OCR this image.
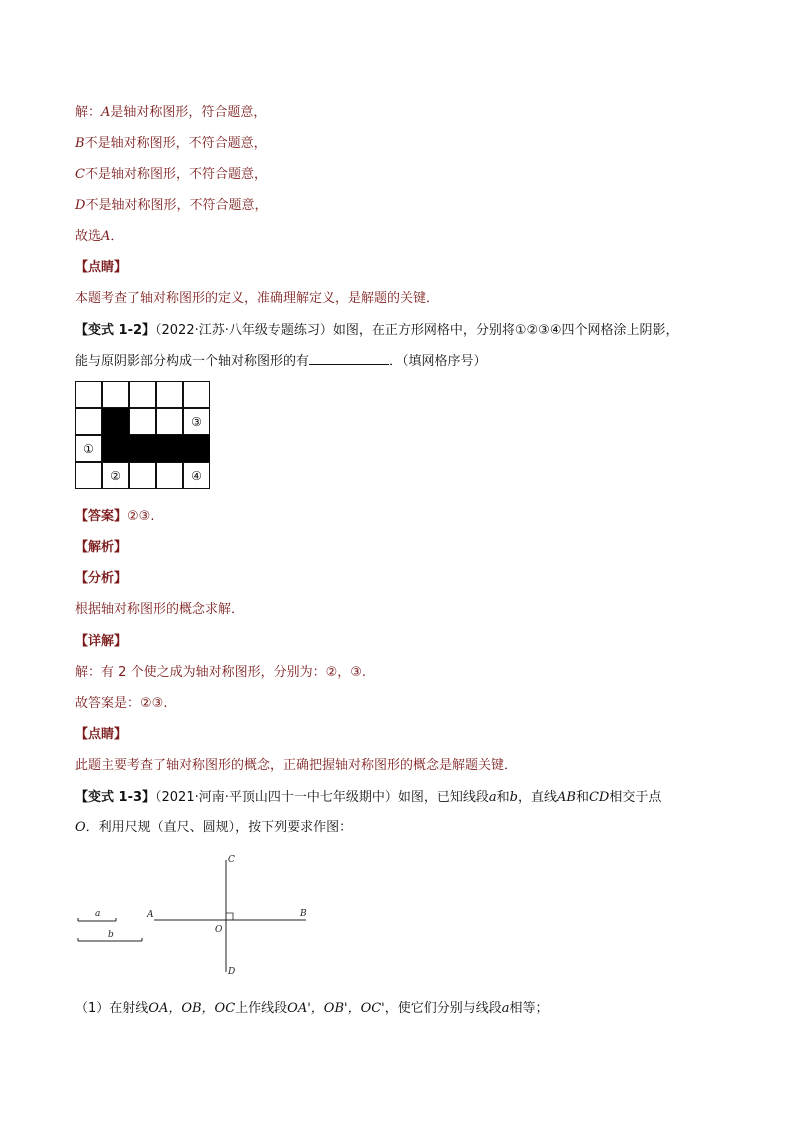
解：A是轴对称图形，符合题意，
B不是轴对称图形，不符合题意，
C不是轴对称图形，不符合题意，
D不是轴对称图形，不符合题意，
故选A．
【点睛】
本题考查了轴对称图形的定义，准确理解定义，是解题的关键．
【变式 1-2】（2022·江苏·八年级专题练习）如图，在正方形网格中，分别将①②③④四个网格涂上阴影，
能与原阴影部分构成一个轴对称图形的有	．（填网格序号）
③
①
②	④
【答案】②③.
【解析】
【分析】
根据轴对称图形的概念求解．
【详解】
解：有 2 个使之成为轴对称图形，分别为：②，③.
故答案是：②③.
【点睛】
此题主要考查了轴对称图形的概念，正确把握轴对称图形的概念是解题关键．
【变式 1-3】（2021·河南·平顶山四十一中七年级期中）如图，已知线段a和b，直线AB和CD相交于点
O．利用尺规（直尺、圆规），按下列要求作图：
a
b
A	B
C
D
O
（1）在射线OA，OB，OC上作线段OA'，OB'，OC'，使它们分别与线段a相等；
